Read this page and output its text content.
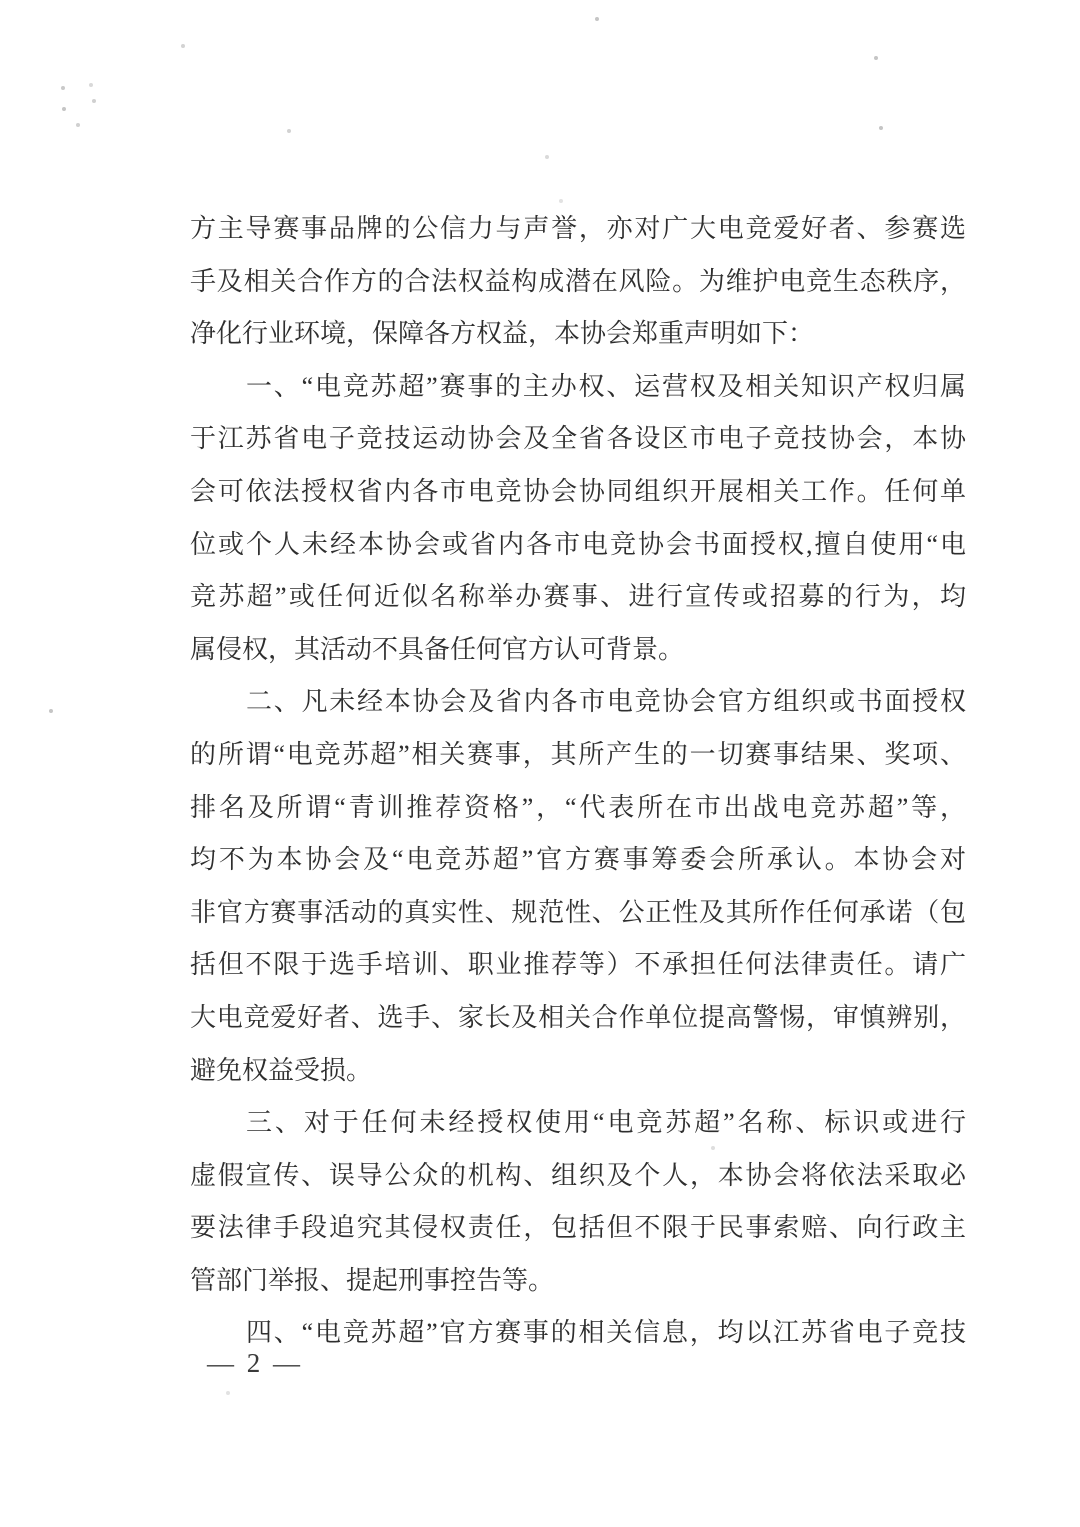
方主导赛事品牌的公信力与声誉，亦对广大电竞爱好者、参赛选
手及相关合作方的合法权益构成潜在风险。为维护电竞生态秩序，
净化行业环境，保障各方权益，本协会郑重声明如下：
一、“电竞苏超”赛事的主办权、运营权及相关知识产权归属
于江苏省电子竞技运动协会及全省各设区市电子竞技协会，本协
会可依法授权省内各市电竞协会协同组织开展相关工作。任何单
位或个人未经本协会或省内各市电竞协会书面授权,擅自使用“电
竞苏超”或任何近似名称举办赛事、进行宣传或招募的行为，均
属侵权，其活动不具备任何官方认可背景。
二、凡未经本协会及省内各市电竞协会官方组织或书面授权
的所谓“电竞苏超”相关赛事，其所产生的一切赛事结果、奖项、
排名及所谓“青训推荐资格”，“代表所在市出战电竞苏超”等，
均不为本协会及“电竞苏超”官方赛事筹委会所承认。本协会对
非官方赛事活动的真实性、规范性、公正性及其所作任何承诺（包
括但不限于选手培训、职业推荐等）不承担任何法律责任。请广
大电竞爱好者、选手、家长及相关合作单位提高警惕，审慎辨别，
避免权益受损。
三、对于任何未经授权使用“电竞苏超”名称、标识或进行
虚假宣传、误导公众的机构、组织及个人，本协会将依法采取必
要法律手段追究其侵权责任，包括但不限于民事索赔、向行政主
管部门举报、提起刑事控告等。
四、“电竞苏超”官方赛事的相关信息，均以江苏省电子竞技
— 2 —
